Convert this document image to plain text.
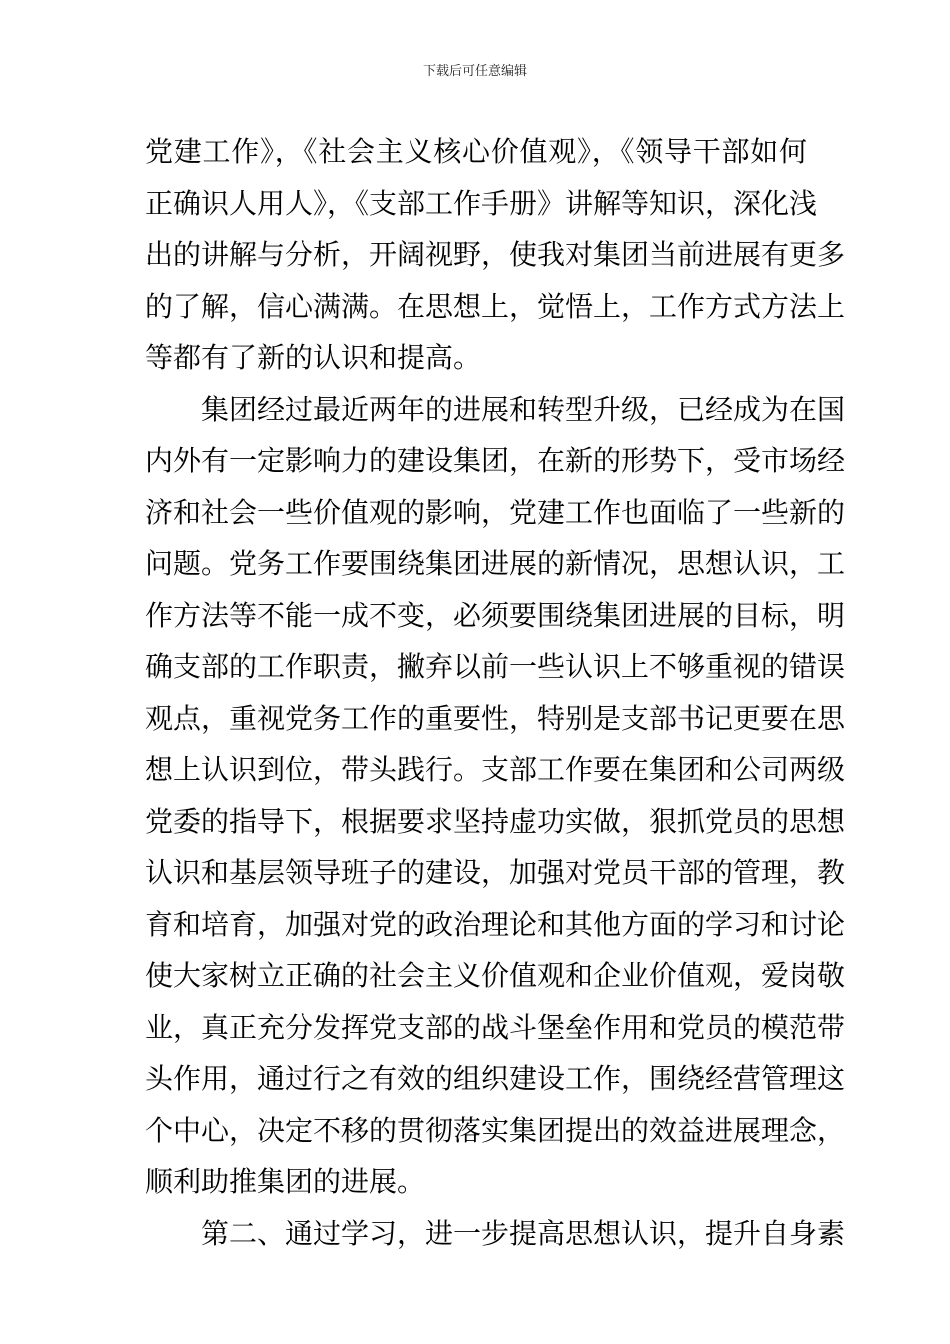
下载后可任意编辑
党建工作》，《社会主义核心价值观》，《领导干部如何
正确识人用人》，《支部工作手册》讲解等知识，深化浅
出的讲解与分析，开阔视野，使我对集团当前进展有更多
的了解，信心满满。在思想上，觉悟上，工作方式方法上
等都有了新的认识和提高。
　　集团经过最近两年的进展和转型升级，已经成为在国
内外有一定影响力的建设集团，在新的形势下，受市场经
济和社会一些价值观的影响，党建工作也面临了一些新的
问题。党务工作要围绕集团进展的新情况，思想认识，工
作方法等不能一成不变，必须要围绕集团进展的目标，明
确支部的工作职责，撇弃以前一些认识上不够重视的错误
观点，重视党务工作的重要性，特别是支部书记更要在思
想上认识到位，带头践行。支部工作要在集团和公司两级
党委的指导下，根据要求坚持虚功实做，狠抓党员的思想
认识和基层领导班子的建设，加强对党员干部的管理，教
育和培育，加强对党的政治理论和其他方面的学习和讨论
使大家树立正确的社会主义价值观和企业价值观，爱岗敬
业，真正充分发挥党支部的战斗堡垒作用和党员的模范带
头作用，通过行之有效的组织建设工作，围绕经营管理这
个中心，决定不移的贯彻落实集团提出的效益进展理念，
顺利助推集团的进展。
　　第二、通过学习，进一步提高思想认识，提升自身素
